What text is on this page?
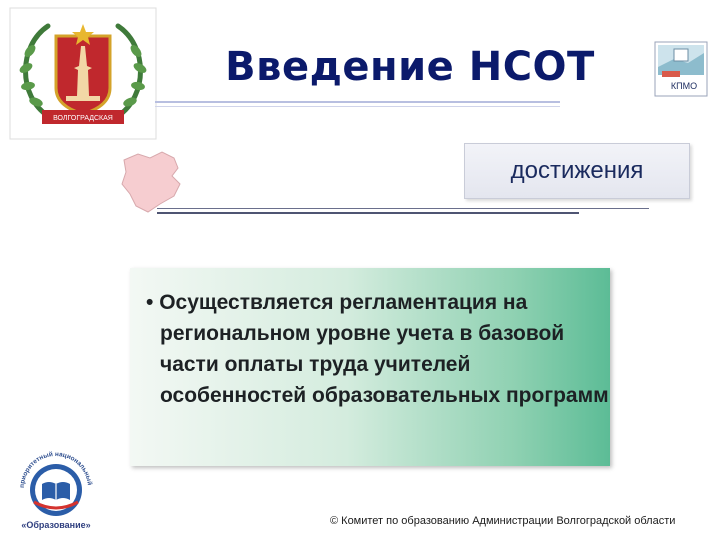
ВОЛГОГРАДСКАЯ
Введение НСОТ	КПМО
достижения
• Осуществляется регламентация на региональном уровне учета в базовой части оплаты труда учителей особенностей образовательных программ
приоритетный национальный
«Образование»	© Комитет по образованию Администрации Волгоградской области
